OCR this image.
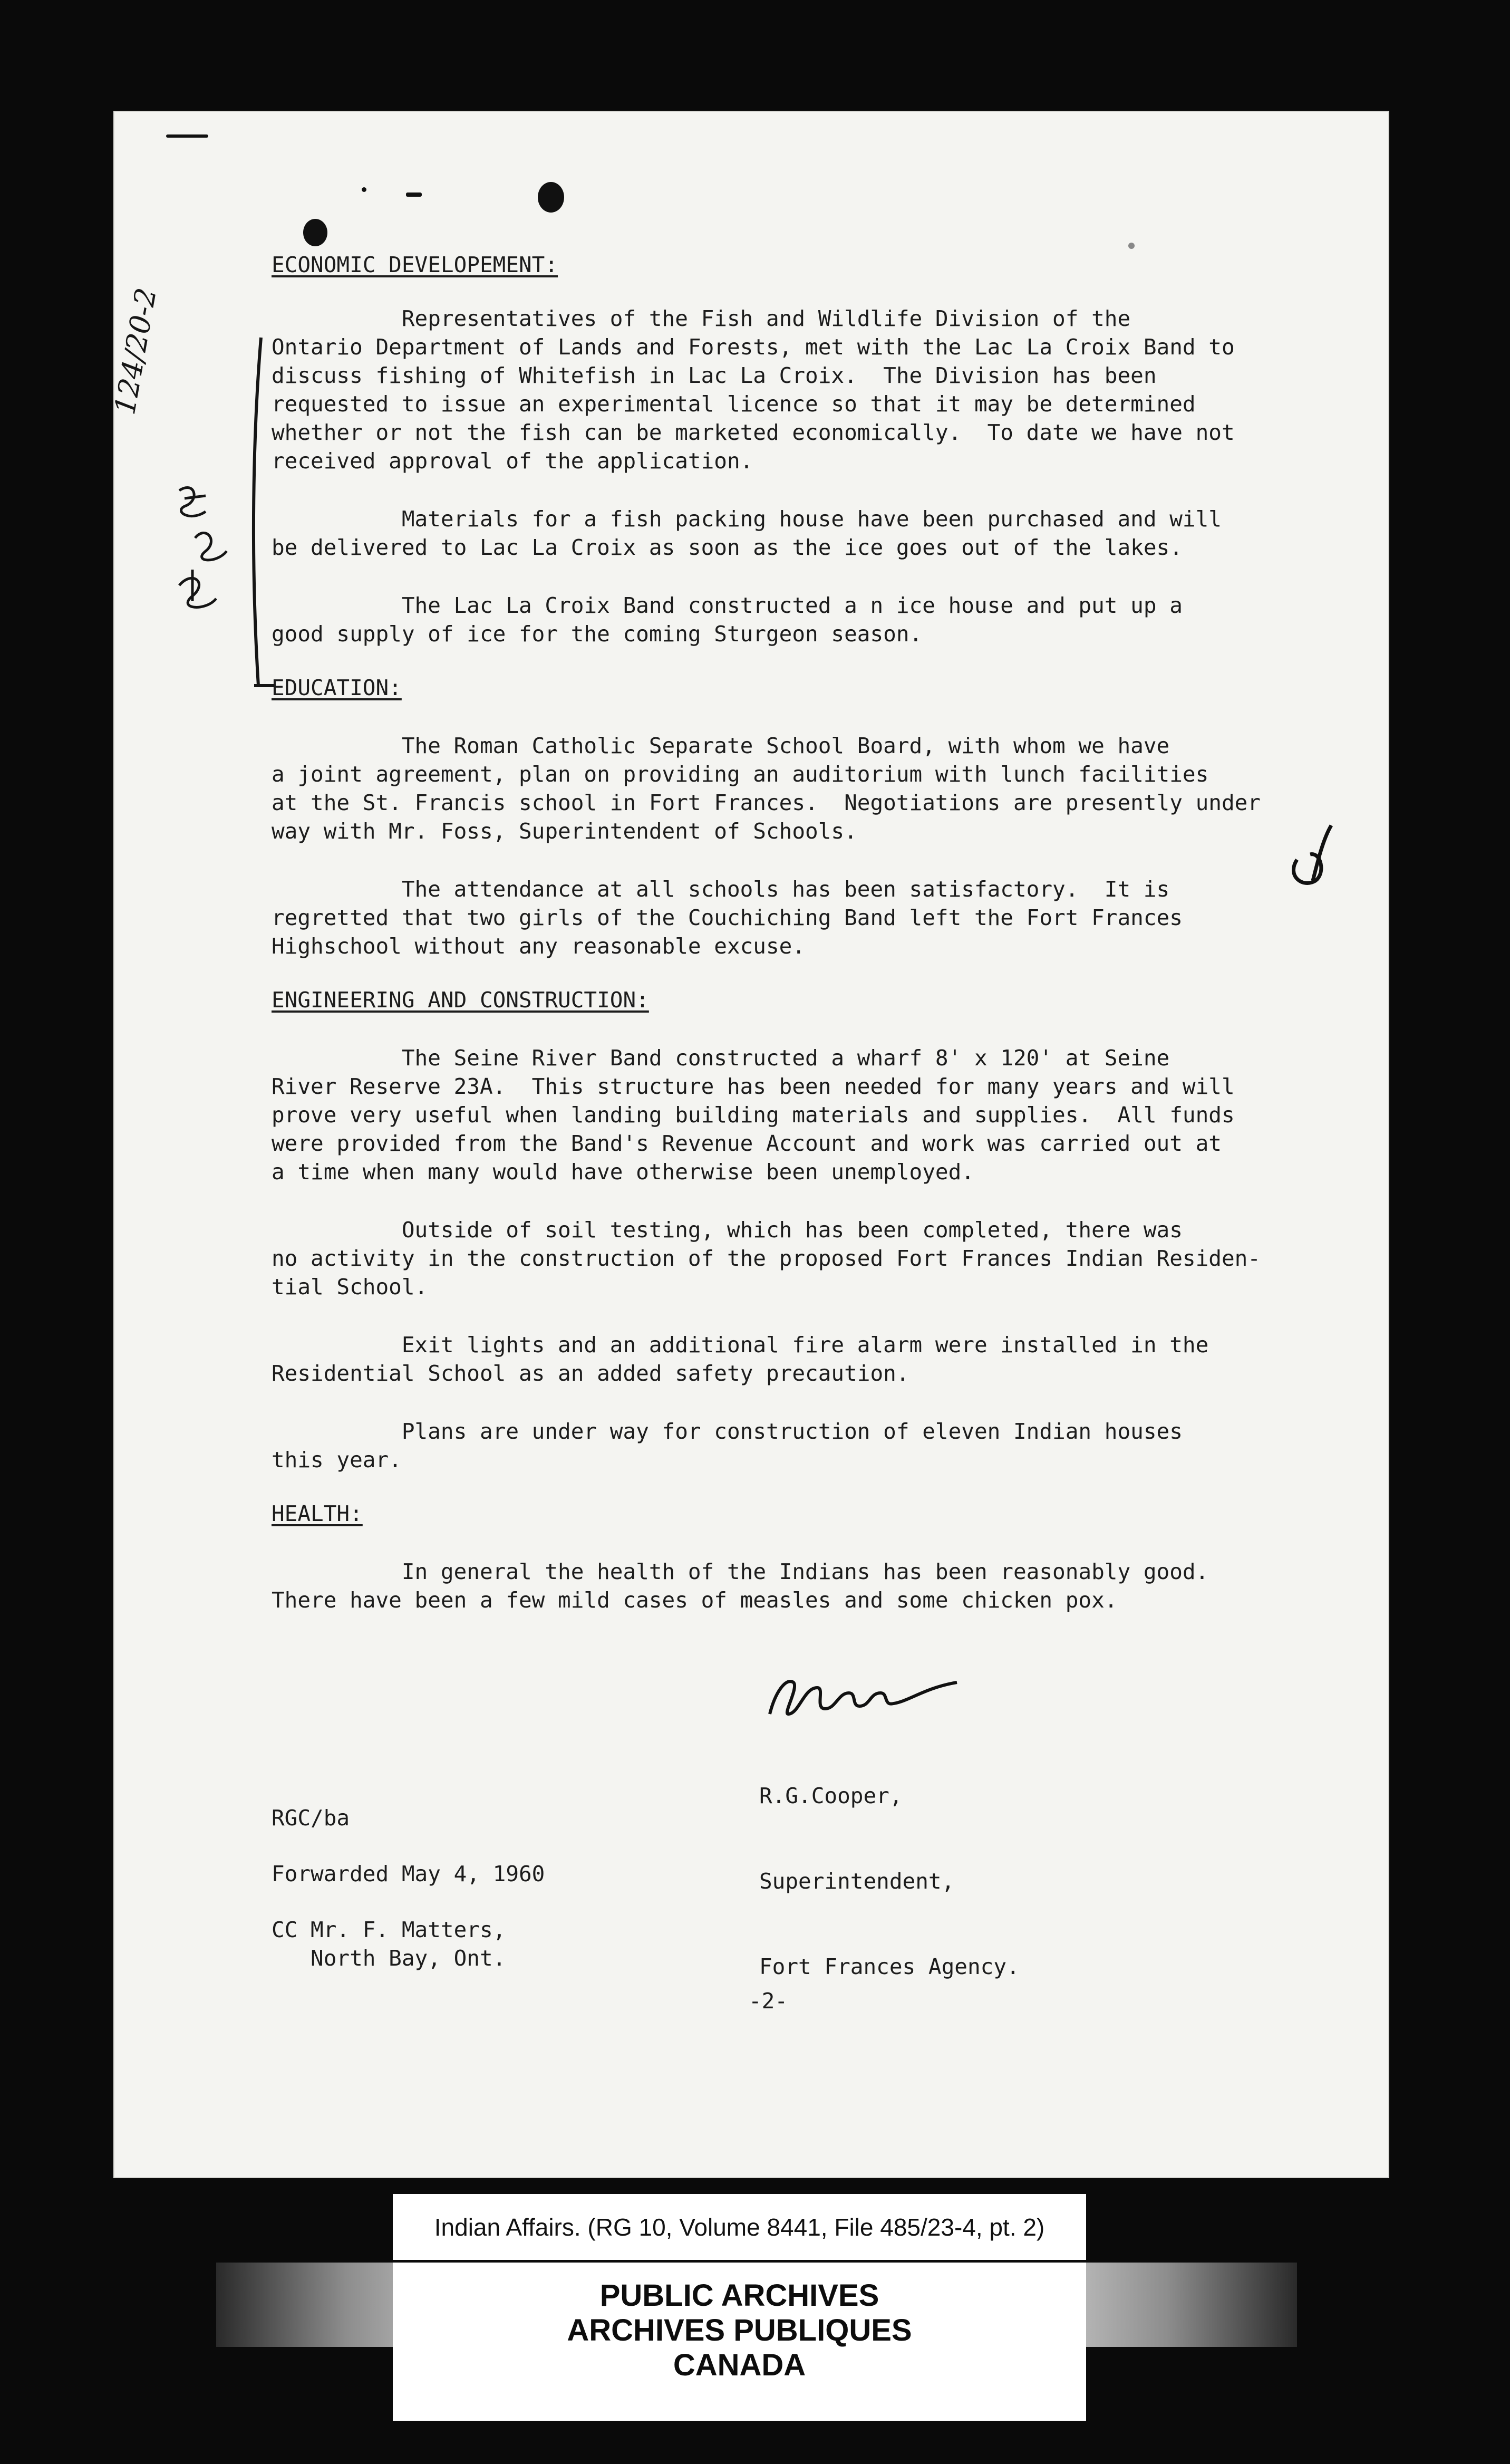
ECONOMIC DEVELOPEMENT:

Representatives of the Fish and Wildlife Division of the
Ontario Department of Lands and Forests, met with the Lac La Croix Band to
discuss fishing of Whitefish in Lac La Croix.  The Division has been
requested to issue an experimental licence so that it may be determined
whether or not the fish can be marketed economically.  To date we have not
received approval of the application.

Materials for a fish packing house have been purchased and will
be delivered to Lac La Croix as soon as the ice goes out of the lakes.

The Lac La Croix Band constructed a n ice house and put up a
good supply of ice for the coming Sturgeon season.

EDUCATION:

The Roman Catholic Separate School Board, with whom we have
a joint agreement, plan on providing an auditorium with lunch facilities
at the St. Francis school in Fort Frances.  Negotiations are presently under
way with Mr. Foss, Superintendent of Schools.

The attendance at all schools has been satisfactory.  It is
regretted that two girls of the Couchiching Band left the Fort Frances
Highschool without any reasonable excuse.

ENGINEERING AND CONSTRUCTION:

The Seine River Band constructed a wharf 8' x 120' at Seine
River Reserve 23A.  This structure has been needed for many years and will
prove very useful when landing building materials and supplies.  All funds
were provided from the Band's Revenue Account and work was carried out at
a time when many would have otherwise been unemployed.

Outside of soil testing, which has been completed, there was
no activity in the construction of the proposed Fort Frances Indian Residen-
tial School.

Exit lights and an additional fire alarm were installed in the
Residential School as an added safety precaution.

Plans are under way for construction of eleven Indian houses
this year.

HEALTH:

In general the health of the Indians has been reasonably good.
There have been a few mild cases of measles and some chicken pox.

124/20-2

R.G.Cooper,

Superintendent,

Fort Frances Agency.

RGC/ba
Forwarded May 4, 1960
CC Mr. F. Matters,
North Bay, Ont.
-2-
Indian Affairs. (RG 10, Volume 8441, File 485/23-4, pt. 2)
PUBLIC ARCHIVES
ARCHIVES PUBLIQUES
CANADA
